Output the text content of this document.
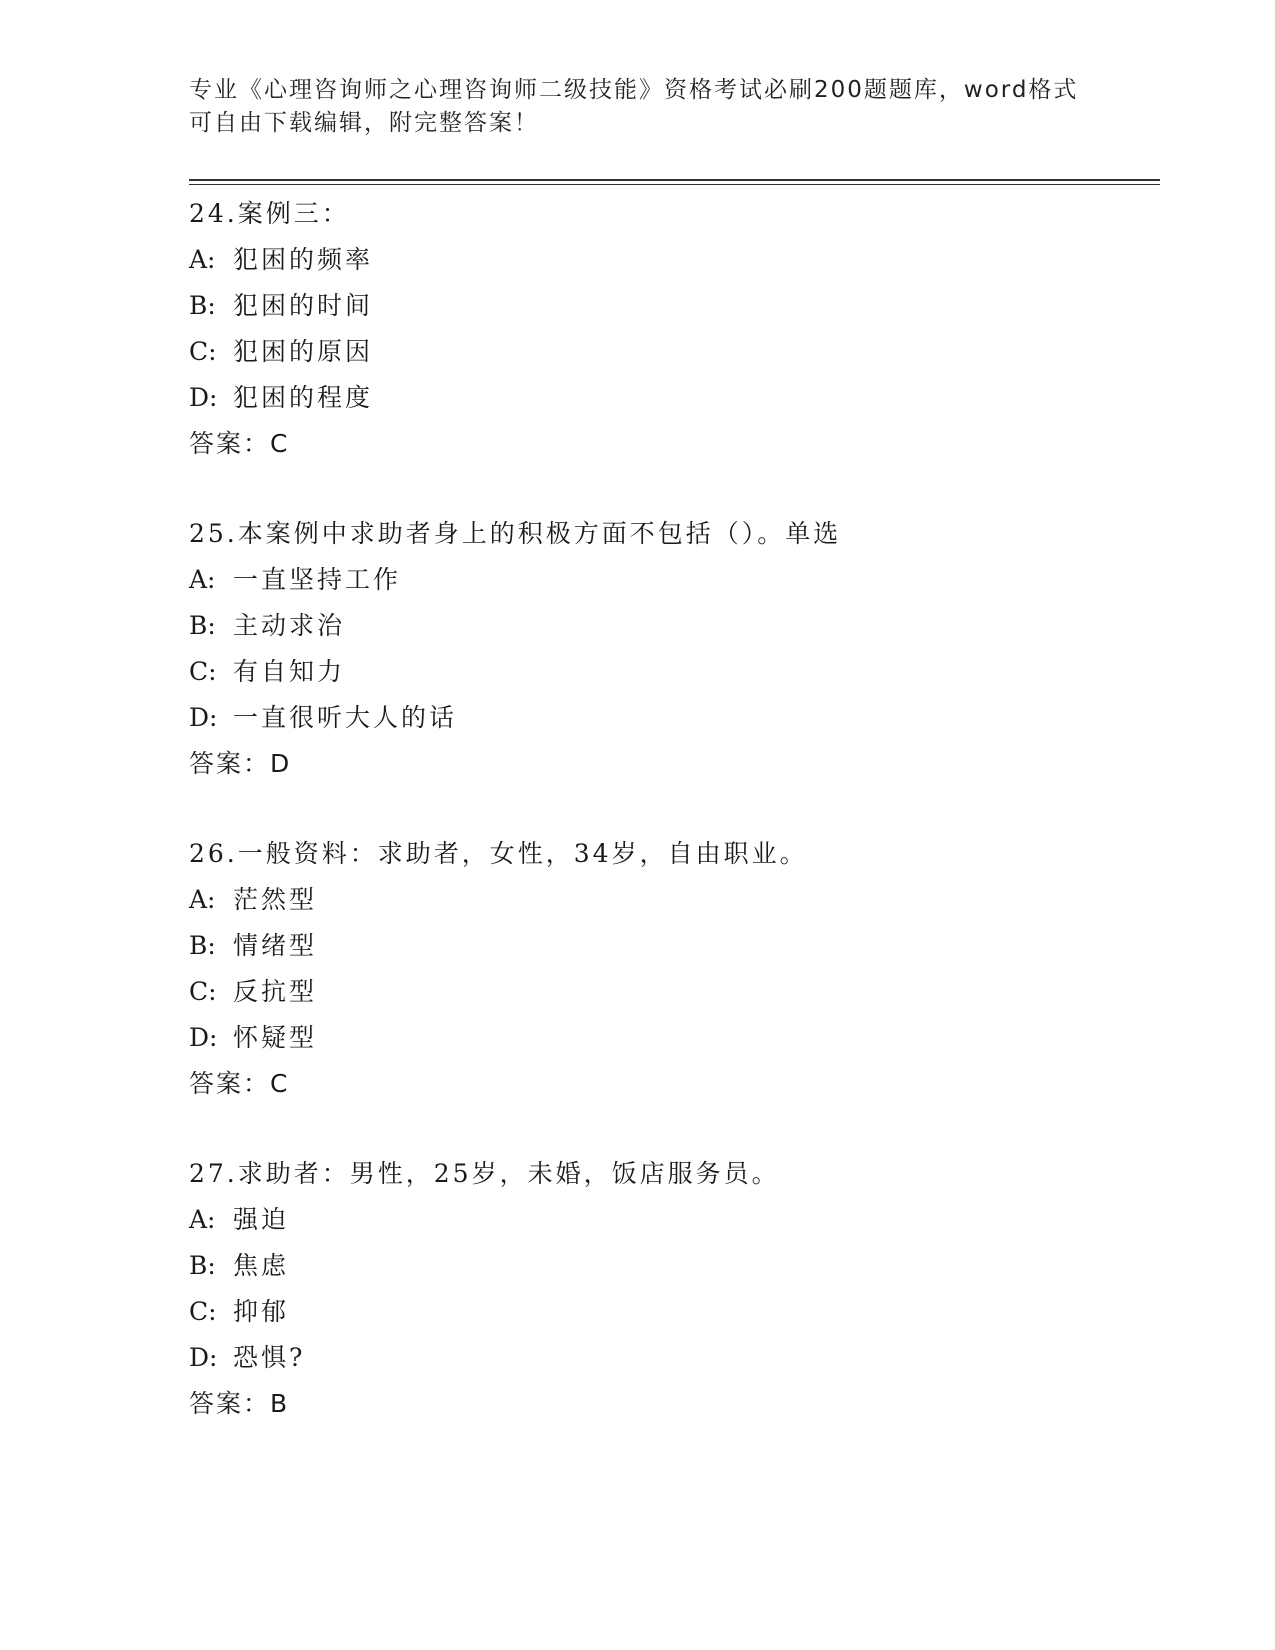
专业《心理咨询师之心理咨询师二级技能》资格考试必刷200题题库，word格式
可自由下载编辑，附完整答案！
24.案例三：
A: 犯困的频率
B: 犯困的时间
C: 犯困的原因
D: 犯困的程度
答案：C
25.本案例中求助者身上的积极方面不包括（）。单选
A: 一直坚持工作
B: 主动求治
C: 有自知力
D: 一直很听大人的话
答案：D
26.一般资料：求助者，女性，34岁，自由职业。
A: 茫然型
B: 情绪型
C: 反抗型
D: 怀疑型
答案：C
27.求助者：男性，25岁，未婚，饭店服务员。
A: 强迫
B: 焦虑
C: 抑郁
D: 恐惧?
答案：B
